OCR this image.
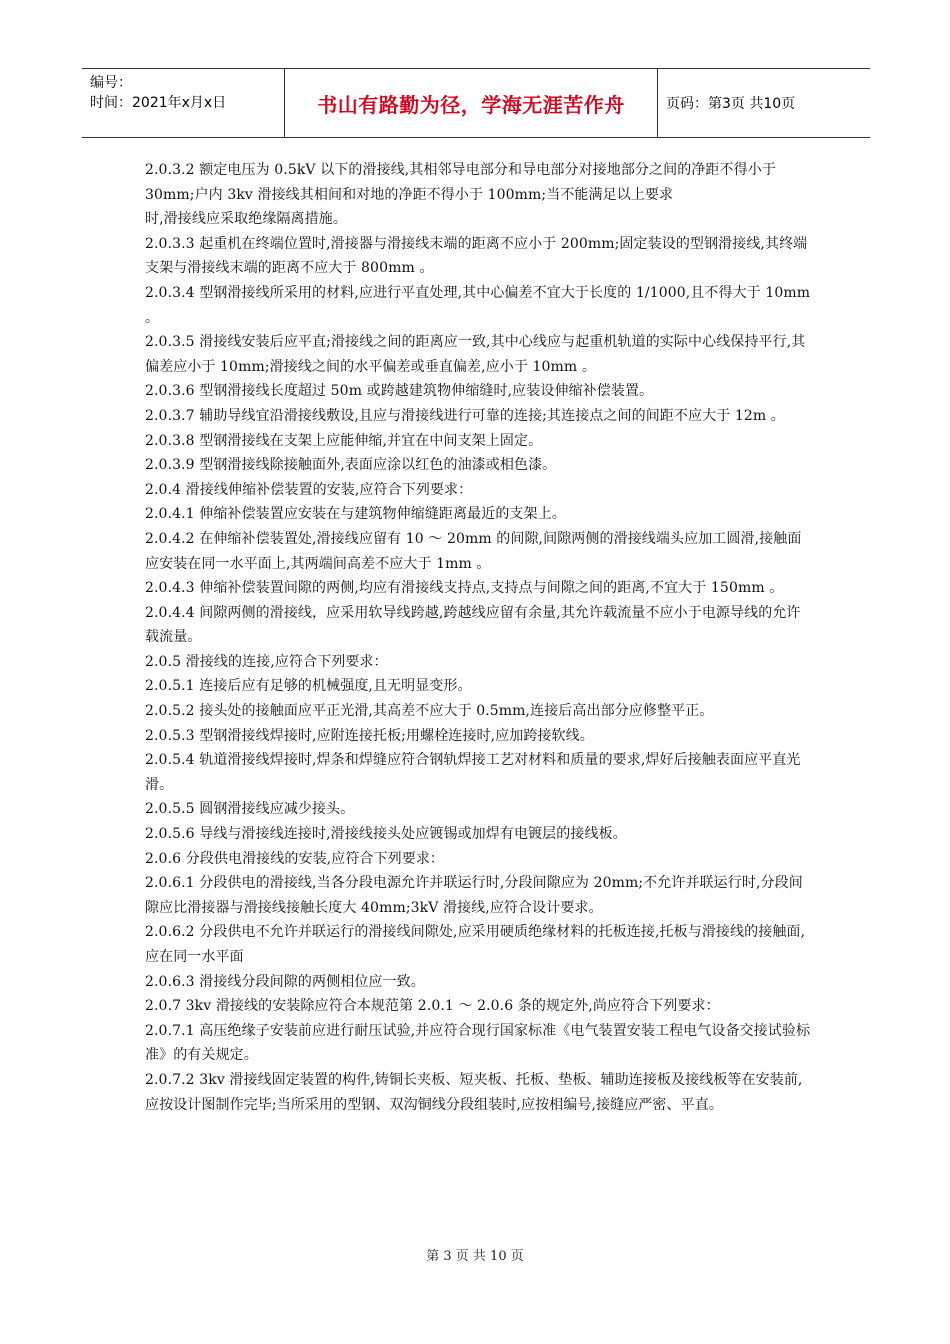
编号：
时间：2021年x月x日	书山有路勤为径，学海无涯苦作舟	页码：第3页 共10页

2.0.3.2 额定电压为 0.5kV 以下的滑接线,其相邻导电部分和导电部分对接地部分之间的净距不得小于 30mm;户内 3kv 滑接线其相间和对地的净距不得小于 100mm;当不能满足以上要求

时,滑接线应采取绝缘隔离措施。

2.0.3.3 起重机在终端位置时,滑接器与滑接线末端的距离不应小于 200mm;固定装设的型钢滑接线,其终端支架与滑接线末端的距离不应大于 800mm 。

2.0.3.4 型钢滑接线所采用的材料,应进行平直处理,其中心偏差不宜大于长度的 1/1000,且不得大于 10mm 。

2.0.3.5 滑接线安装后应平直;滑接线之间的距离应一致,其中心线应与起重机轨道的实际中心线保持平行,其偏差应小于 10mm;滑接线之间的水平偏差或垂直偏差,应小于 10mm 。

2.0.3.6 型钢滑接线长度超过 50m 或跨越建筑物伸缩缝时,应装设伸缩补偿装置。

2.0.3.7 辅助导线宜沿滑接线敷设,且应与滑接线进行可靠的连接;其连接点之间的间距不应大于 12m 。

2.0.3.8 型钢滑接线在支架上应能伸缩,并宜在中间支架上固定。

2.0.3.9 型钢滑接线除接触面外,表面应涂以红色的油漆或相色漆。

2.0.4 滑接线伸缩补偿装置的安装,应符合下列要求：

2.0.4.1 伸缩补偿装置应安装在与建筑物伸缩缝距离最近的支架上。

2.0.4.2 在伸缩补偿装置处,滑接线应留有 10 ～ 20mm 的间隙,间隙两侧的滑接线端头应加工圆滑,接触面应安装在同一水平面上,其两端间高差不应大于 1mm 。

2.0.4.3 伸缩补偿装置间隙的两侧,均应有滑接线支持点,支持点与间隙之间的距离,不宜大于 150mm 。

2.0.4.4 间隙两侧的滑接线，应采用软导线跨越,跨越线应留有余量,其允许载流量不应小于电源导线的允许载流量。

2.0.5 滑接线的连接,应符合下列要求：

2.0.5.1 连接后应有足够的机械强度,且无明显变形。

2.0.5.2 接头处的接触面应平正光滑,其高差不应大于 0.5mm,连接后高出部分应修整平正。

2.0.5.3 型钢滑接线焊接时,应附连接托板;用螺栓连接时,应加跨接软线。

2.0.5.4 轨道滑接线焊接时,焊条和焊缝应符合钢轨焊接工艺对材料和质量的要求,焊好后接触表面应平直光滑。

2.0.5.5 圆钢滑接线应减少接头。

2.0.5.6 导线与滑接线连接时,滑接线接头处应镀锡或加焊有电镀层的接线板。

2.0.6 分段供电滑接线的安装,应符合下列要求：

2.0.6.1 分段供电的滑接线,当各分段电源允许并联运行时,分段间隙应为 20mm;不允许并联运行时,分段间隙应比滑接器与滑接线接触长度大 40mm;3kV 滑接线,应符合设计要求。

2.0.6.2 分段供电不允许并联运行的滑接线间隙处,应采用硬质绝缘材料的托板连接,托板与滑接线的接触面,应在同一水平面

2.0.6.3 滑接线分段间隙的两侧相位应一致。

2.0.7 3kv 滑接线的安装除应符合本规范第 2.0.1 ～ 2.0.6 条的规定外,尚应符合下列要求：

2.0.7.1 高压绝缘子安装前应进行耐压试验,并应符合现行国家标准《电气装置安装工程电气设备交接试验标准》的有关规定。

2.0.7.2 3kv 滑接线固定装置的构件,铸铜长夹板、短夹板、托板、垫板、辅助连接板及接线板等在安装前,应按设计图制作完毕;当所采用的型钢、双沟铜线分段组装时,应按相编号,接缝应严密、平直。

第 3 页 共 10 页
